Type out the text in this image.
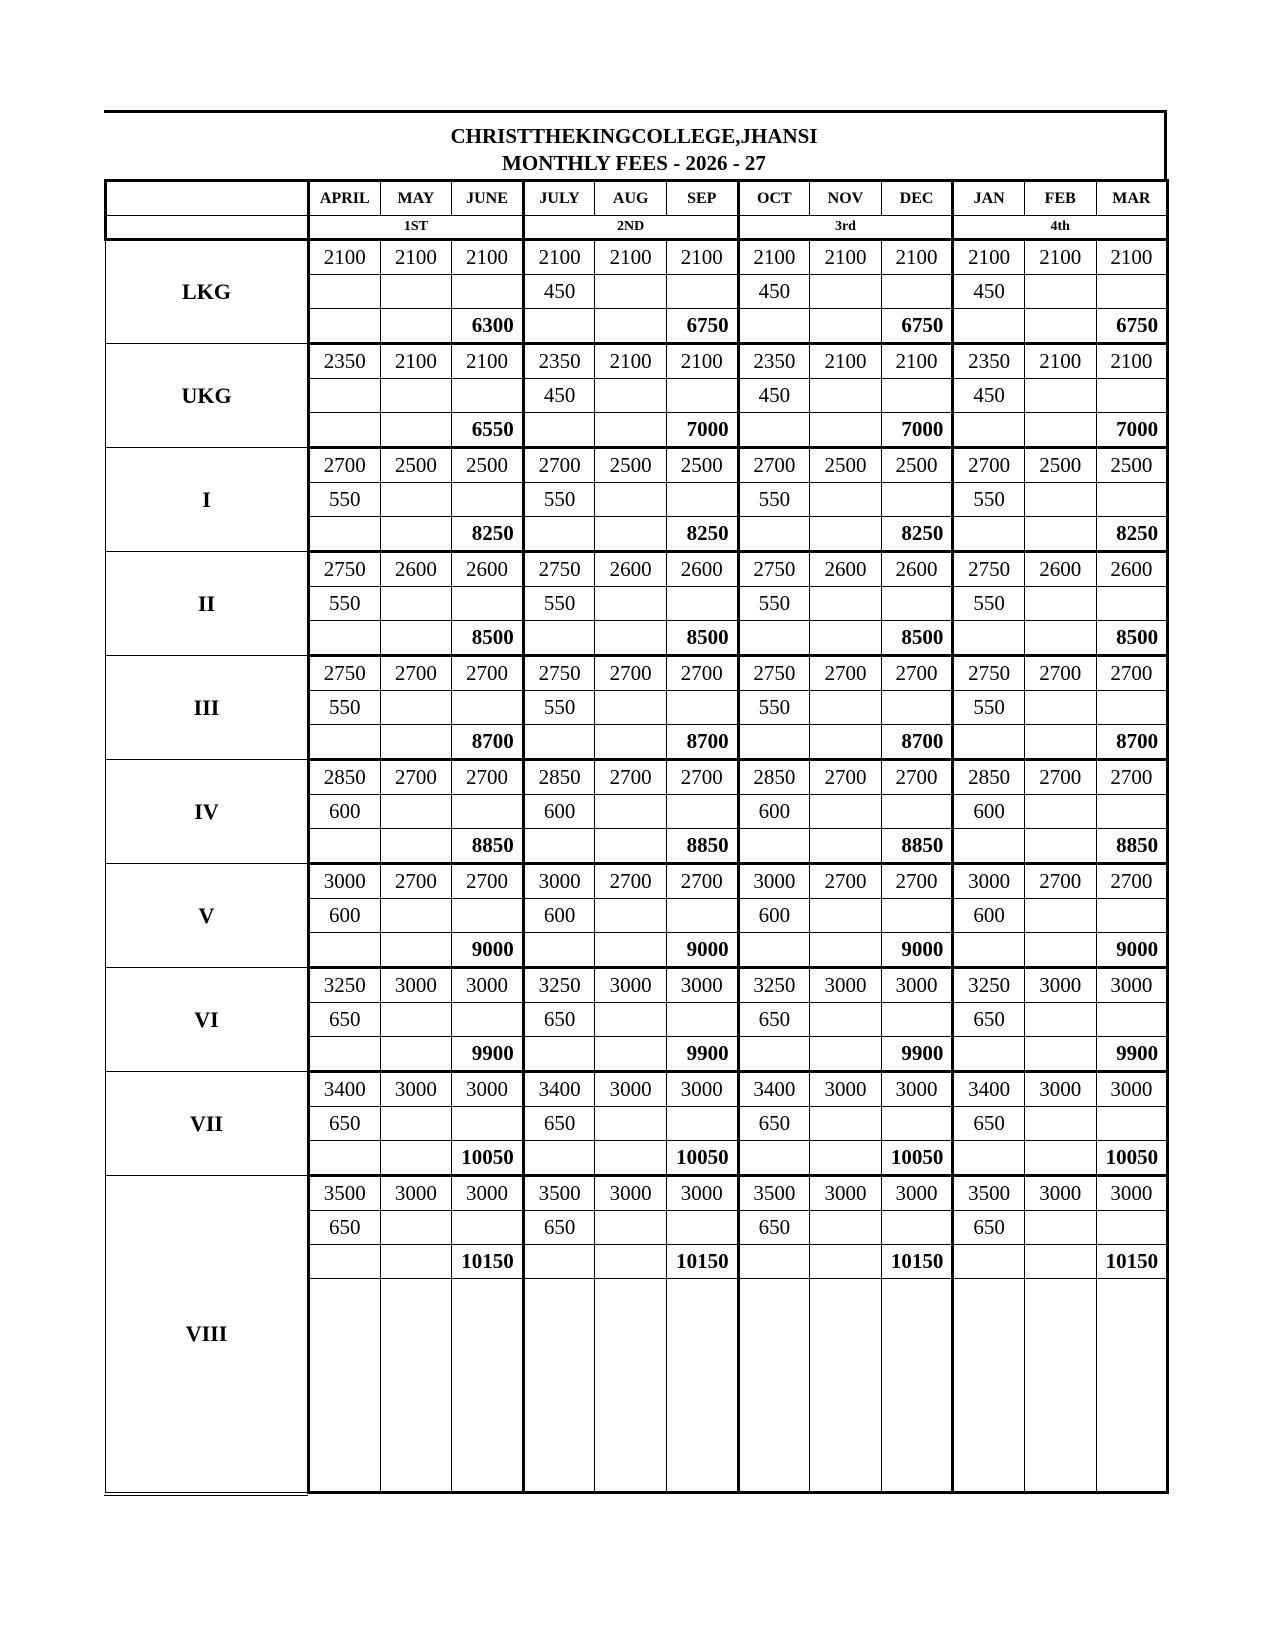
CHRISTTHEKINGCOLLEGE,JHANSI
MONTHLY FEES - 2026 - 27
	APRIL	MAY	JUNE	JULY	AUG	SEP	OCT	NOV	DEC	JAN	FEB	MAR
	1ST			2ND			3rd			4th		
LKG	2100	2100	2100	2100	2100	2100	2100	2100	2100	2100	2100	2100
				450			450			450		
			6300			6750			6750			6750
UKG	2350	2100	2100	2350	2100	2100	2350	2100	2100	2350	2100	2100
				450			450			450		
			6550			7000			7000			7000
I	2700	2500	2500	2700	2500	2500	2700	2500	2500	2700	2500	2500
	550			550			550			550		
			8250			8250			8250			8250
II	2750	2600	2600	2750	2600	2600	2750	2600	2600	2750	2600	2600
	550			550			550			550		
			8500			8500			8500			8500
III	2750	2700	2700	2750	2700	2700	2750	2700	2700	2750	2700	2700
	550			550			550			550		
			8700			8700			8700			8700
IV	2850	2700	2700	2850	2700	2700	2850	2700	2700	2850	2700	2700
	600			600			600			600		
			8850			8850			8850			8850
V	3000	2700	2700	3000	2700	2700	3000	2700	2700	3000	2700	2700
	600			600			600			600		
			9000			9000			9000			9000
VI	3250	3000	3000	3250	3000	3000	3250	3000	3000	3250	3000	3000
	650			650			650			650		
			9900			9900			9900			9900
VII	3400	3000	3000	3400	3000	3000	3400	3000	3000	3400	3000	3000
	650			650			650			650		
			10050			10050			10050			10050
VIII	3500	3000	3000	3500	3000	3000	3500	3000	3000	3500	3000	3000
	650			650			650			650		
			10150			10150			10150			10150
